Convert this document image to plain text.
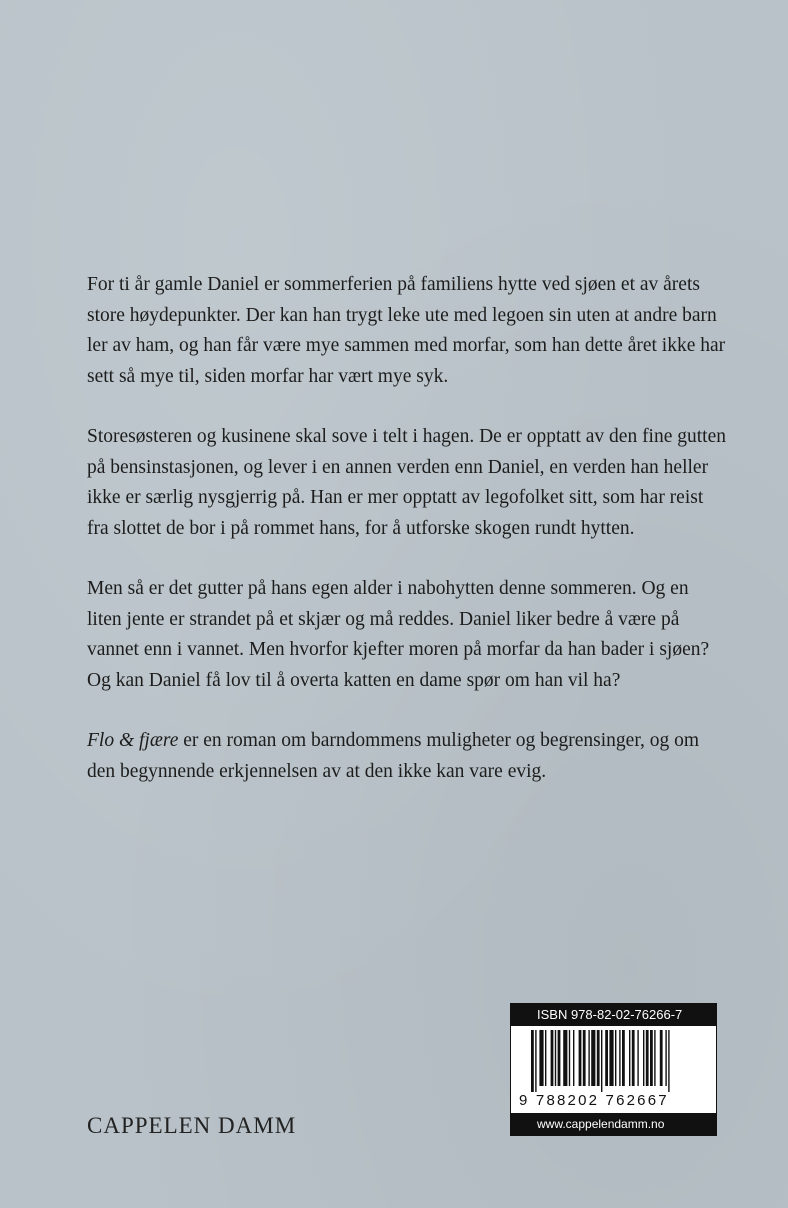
For ti år gamle Daniel er sommerferien på familiens hytte ved sjøen et av årets store høydepunkter. Der kan han trygt leke ute med legoen sin uten at andre barn ler av ham, og han får være mye sammen med morfar, som han dette året ikke har sett så mye til, siden morfar har vært mye syk.

Storesøsteren og kusinene skal sove i telt i hagen. De er opptatt av den fine gutten på bensinstasjonen, og lever i en annen verden enn Daniel, en verden han heller ikke er særlig nysgjerrig på. Han er mer opptatt av legofolket sitt, som har reist fra slottet de bor i på rommet hans, for å utforske skogen rundt hytten.

Men så er det gutter på hans egen alder i nabohytten denne sommeren. Og en liten jente er strandet på et skjær og må reddes. Daniel liker bedre å være på vannet enn i vannet. Men hvorfor kjefter moren på morfar da han bader i sjøen? Og kan Daniel få lov til å overta katten en dame spør om han vil ha?

Flo & fjære er en roman om barndommens muligheter og begrensinger, og om den begynnende erkjennelsen av at den ikke kan vare evig.

CAPPELEN DAMM
ISBN 978-82-02-76266-7
9 788202 762667
www.cappelendamm.no
